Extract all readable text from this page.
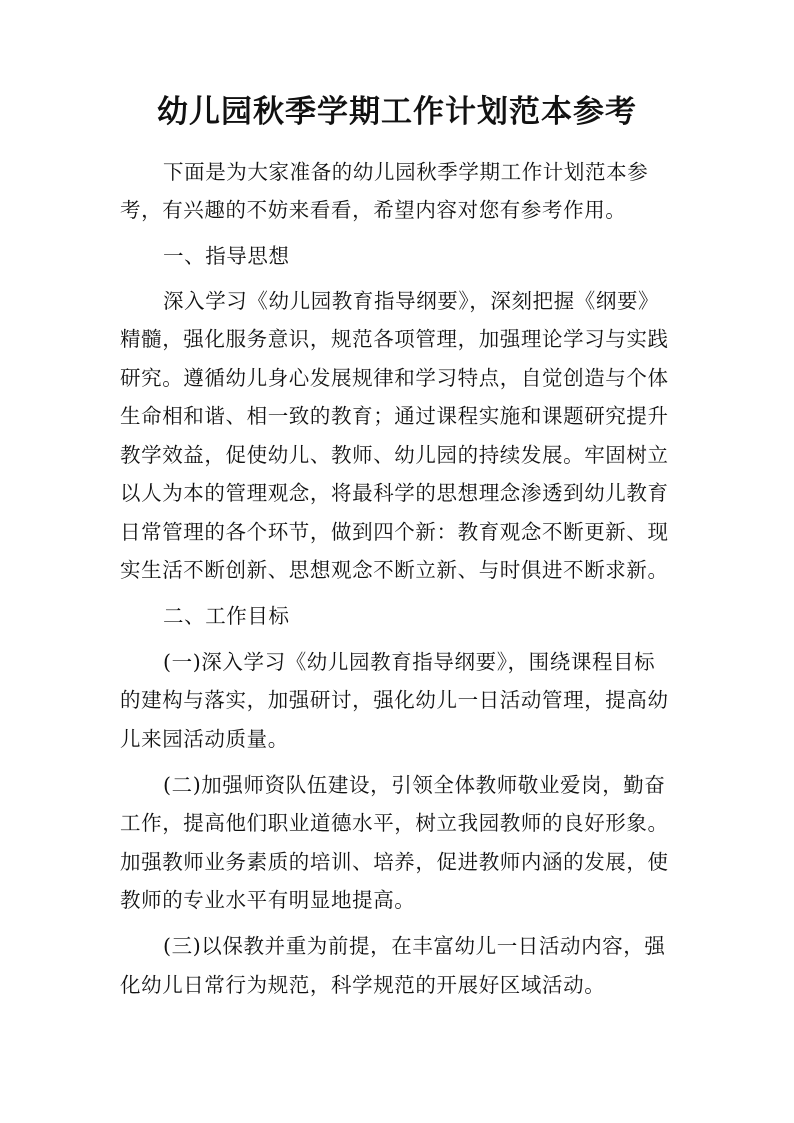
幼儿园秋季学期工作计划范本参考
下面是为大家准备的幼儿园秋季学期工作计划范本参
考，有兴趣的不妨来看看，希望内容对您有参考作用。
一、指导思想
深入学习《幼儿园教育指导纲要》，深刻把握《纲要》
精髓，强化服务意识，规范各项管理，加强理论学习与实践
研究。遵循幼儿身心发展规律和学习特点，自觉创造与个体
生命相和谐、相一致的教育；通过课程实施和课题研究提升
教学效益，促使幼儿、教师、幼儿园的持续发展。牢固树立
以人为本的管理观念，将最科学的思想理念渗透到幼儿教育
日常管理的各个环节，做到四个新：教育观念不断更新、现
实生活不断创新、思想观念不断立新、与时俱进不断求新。
二、工作目标
(一)深入学习《幼儿园教育指导纲要》，围绕课程目标
的建构与落实，加强研讨，强化幼儿一日活动管理，提高幼
儿来园活动质量。
(二)加强师资队伍建设，引领全体教师敬业爱岗，勤奋
工作，提高他们职业道德水平，树立我园教师的良好形象。
加强教师业务素质的培训、培养，促进教师内涵的发展，使
教师的专业水平有明显地提高。
(三)以保教并重为前提，在丰富幼儿一日活动内容，强
化幼儿日常行为规范，科学规范的开展好区域活动。
